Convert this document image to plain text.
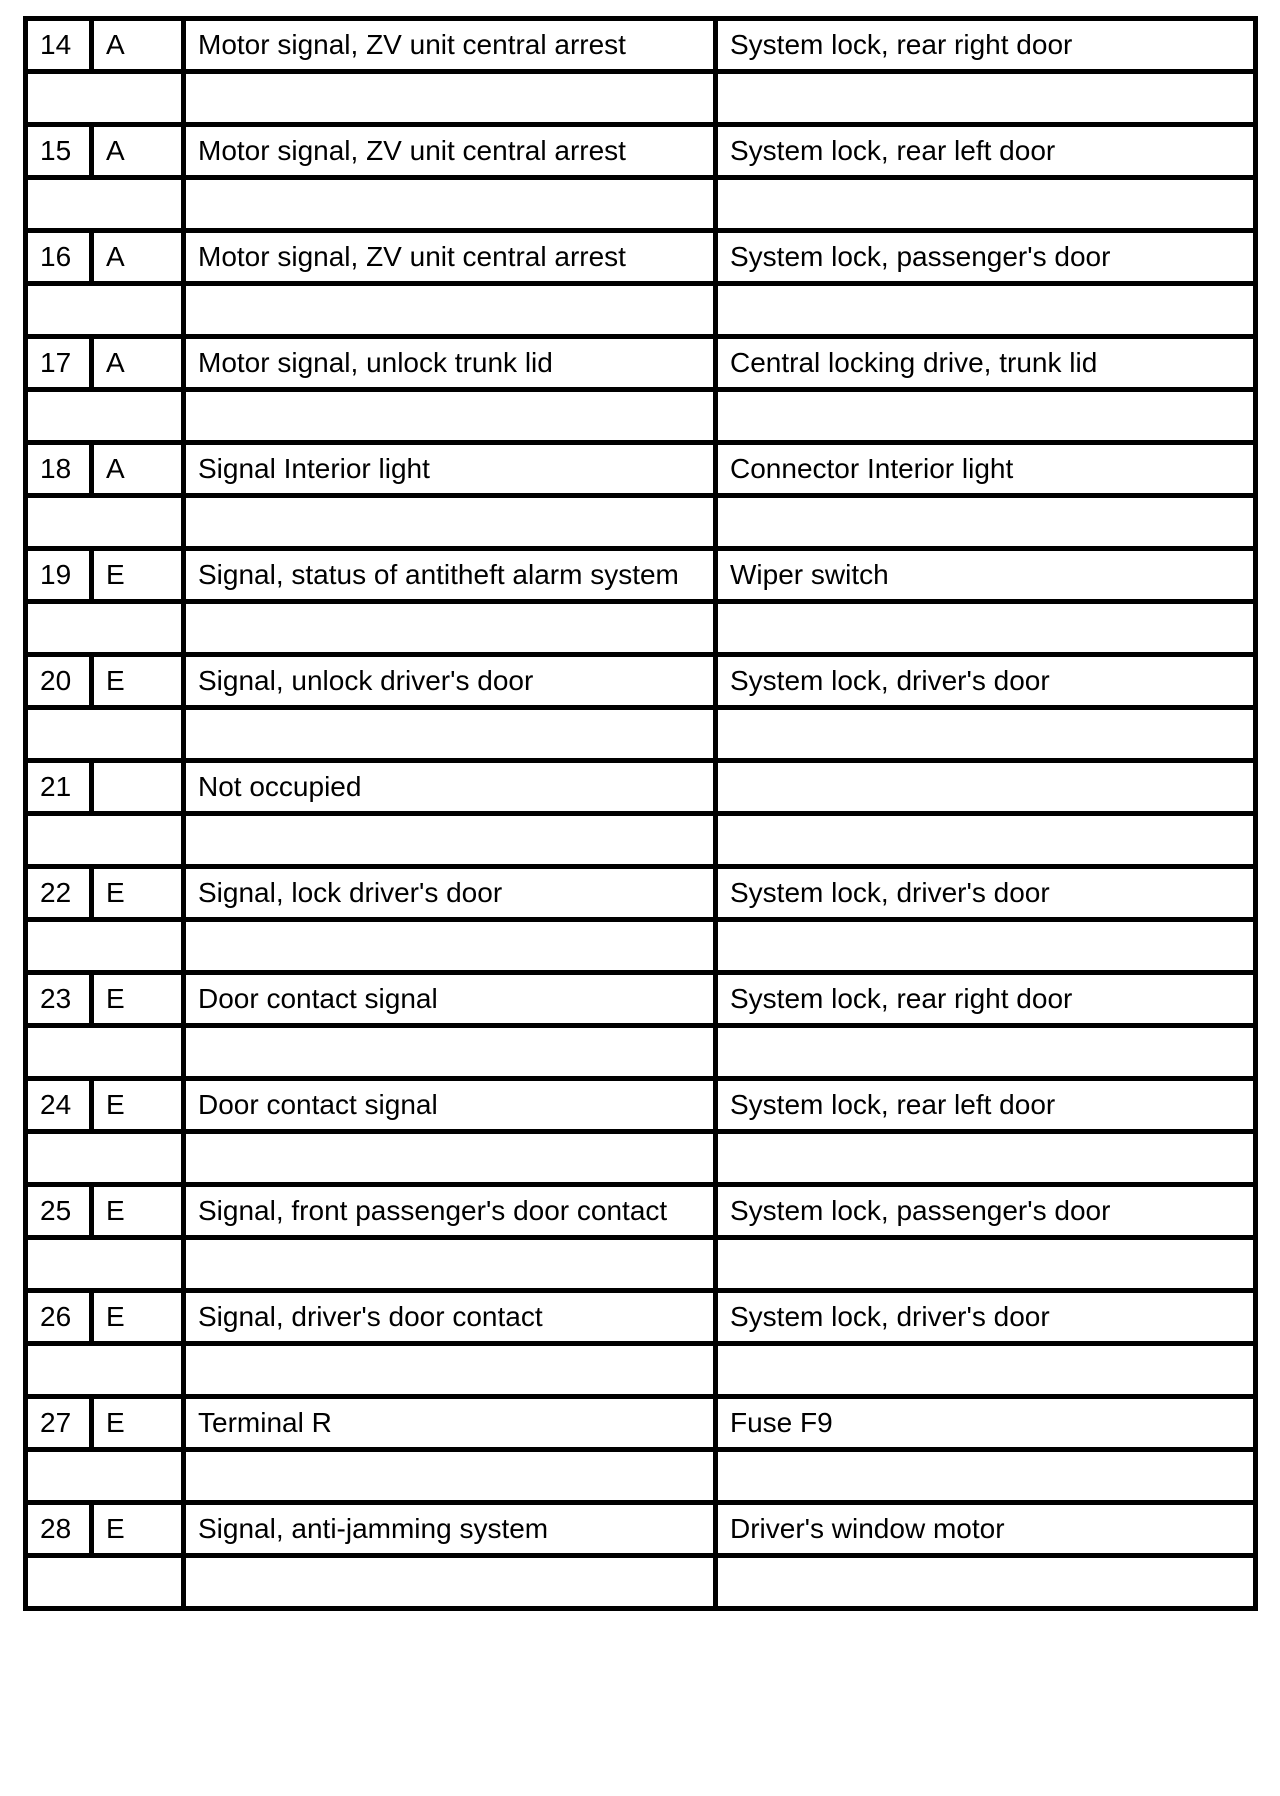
14	A	Motor signal, ZV unit central arrest	System lock, rear right door

15	A	Motor signal, ZV unit central arrest	System lock, rear left door

16	A	Motor signal, ZV unit central arrest	System lock, passenger's door

17	A	Motor signal, unlock trunk lid	Central locking drive, trunk lid

18	A	Signal Interior light	Connector Interior light

19	E	Signal, status of antitheft alarm system	Wiper switch

20	E	Signal, unlock driver's door	System lock, driver's door

21		Not occupied	

22	E	Signal, lock driver's door	System lock, driver's door

23	E	Door contact signal	System lock, rear right door

24	E	Door contact signal	System lock, rear left door

25	E	Signal, front passenger's door contact	System lock, passenger's door

26	E	Signal, driver's door contact	System lock, driver's door

27	E	Terminal R	Fuse F9

28	E	Signal, anti-jamming system	Driver's window motor
